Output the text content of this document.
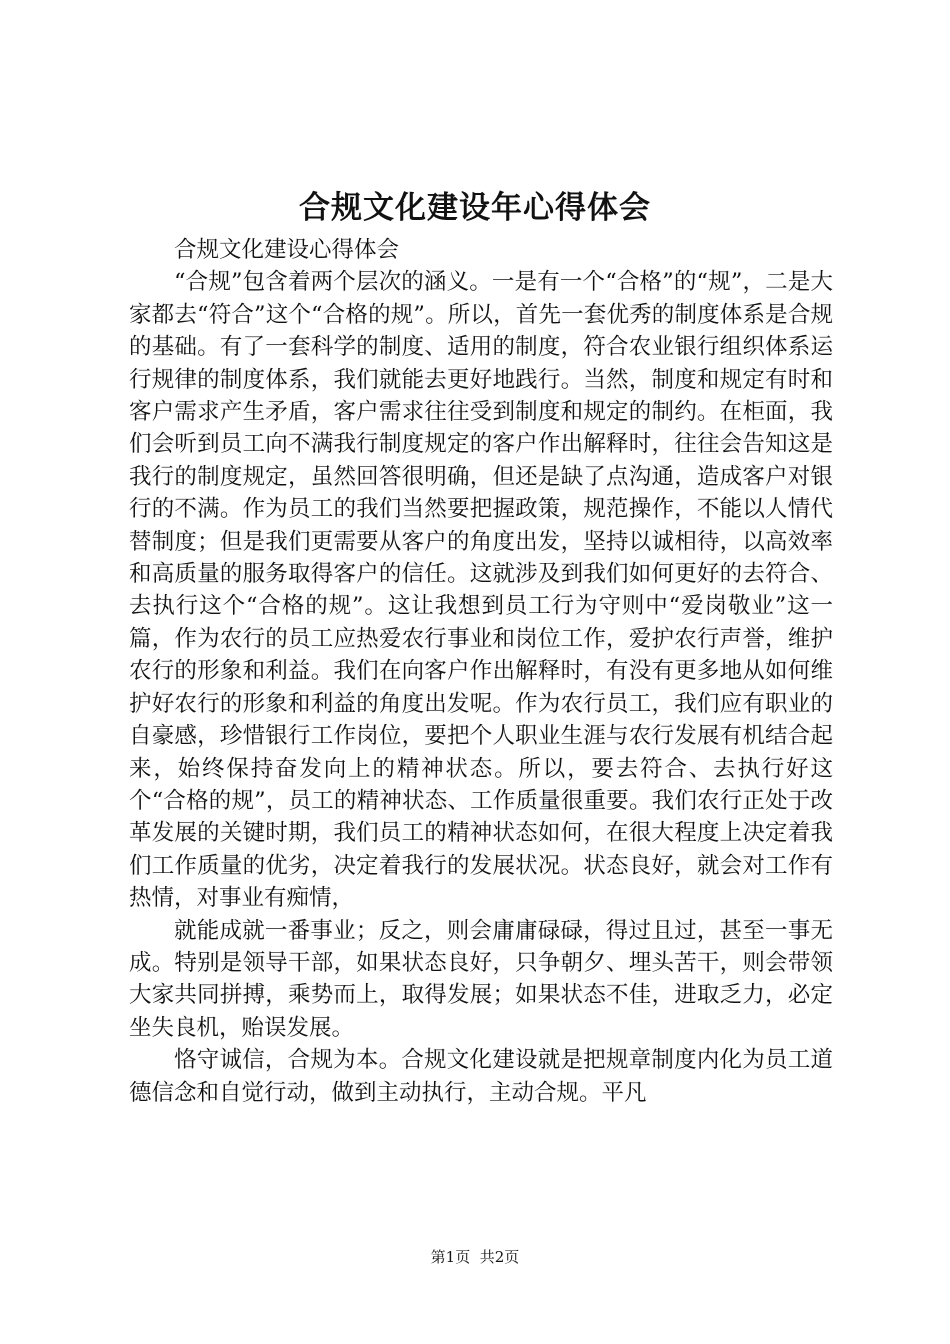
合规文化建设年心得体会

合规文化建设心得体会

“合规”包含着两个层次的涵义。一是有一个“合格”的“规”，二是大家都去“符合”这个“合格的规”。所以，首先一套优秀的制度体系是合规的基础。有了一套科学的制度、适用的制度，符合农业银行组织体系运行规律的制度体系，我们就能去更好地践行。当然，制度和规定有时和客户需求产生矛盾，客户需求往往受到制度和规定的制约。在柜面，我们会听到员工向不满我行制度规定的客户作出解释时，往往会告知这是我行的制度规定，虽然回答很明确，但还是缺了点沟通，造成客户对银行的不满。作为员工的我们当然要把握政策，规范操作，不能以人情代替制度；但是我们更需要从客户的角度出发，坚持以诚相待，以高效率和高质量的服务取得客户的信任。这就涉及到我们如何更好的去符合、去执行这个“合格的规”。这让我想到员工行为守则中“爱岗敬业”这一篇，作为农行的员工应热爱农行事业和岗位工作，爱护农行声誉，维护农行的形象和利益。我们在向客户作出解释时，有没有更多地从如何维护好农行的形象和利益的角度出发呢。作为农行员工，我们应有职业的自豪感，珍惜银行工作岗位，要把个人职业生涯与农行发展有机结合起来，始终保持奋发向上的精神状态。所以，要去符合、去执行好这个“合格的规”，员工的精神状态、工作质量很重要。我们农行正处于改革发展的关键时期，我们员工的精神状态如何，在很大程度上决定着我们工作质量的优劣，决定着我行的发展状况。状态良好，就会对工作有热情，对事业有痴情，

就能成就一番事业；反之，则会庸庸碌碌，得过且过，甚至一事无成。特别是领导干部，如果状态良好，只争朝夕、埋头苦干，则会带领大家共同拼搏，乘势而上，取得发展；如果状态不佳，进取乏力，必定坐失良机，贻误发展。

恪守诚信，合规为本。合规文化建设就是把规章制度内化为员工道德信念和自觉行动，做到主动执行，主动合规。平凡

第1页 共2页
